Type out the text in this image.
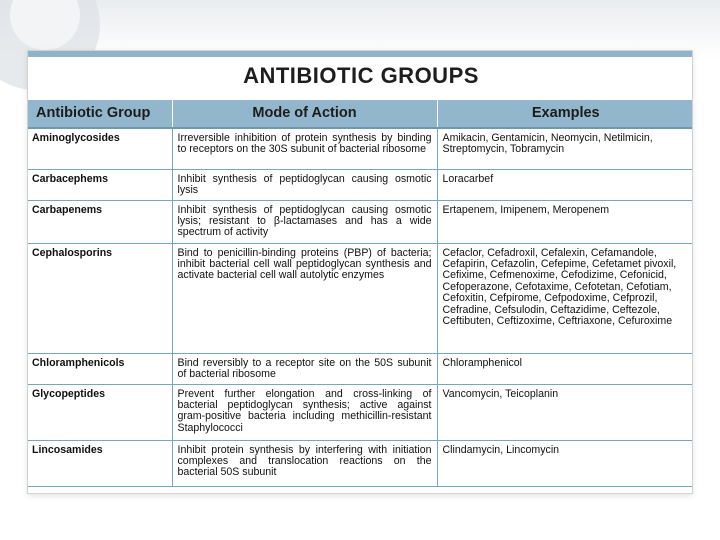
ANTIBIOTIC GROUPS
Antibiotic Group	Mode of Action	Examples
Aminoglycosides	Irreversible inhibition of protein synthesis by binding to receptors on the 30S subunit of bacterial ribosome	Amikacin, Gentamicin, Neomycin, Netilmicin, Streptomycin, Tobramycin
Carbacephems	Inhibit synthesis of peptidoglycan causing osmotic lysis	Loracarbef
Carbapenems	Inhibit synthesis of peptidoglycan causing osmotic lysis; resistant to β-lactamases and has a wide spectrum of activity	Ertapenem, Imipenem, Meropenem
Cephalosporins	Bind to penicillin-binding proteins (PBP) of bacteria; inhibit bacterial cell wall peptidoglycan synthesis and activate bacterial cell wall autolytic enzymes	Cefaclor, Cefadroxil, Cefalexin, Cefamandole, Cefapirin, Cefazolin, Cefepime, Cefetamet pivoxil, Cefixime, Cefmenoxime, Cefodizime, Cefonicid, Cefoperazone, Cefotaxime, Cefotetan, Cefotiam, Cefoxitin, Cefpirome, Cefpodoxime, Cefprozil, Cefradine, Cefsulodin, Ceftazidime, Ceftezole, Ceftibuten, Ceftizoxime, Ceftriaxone, Cefuroxime
Chloramphenicols	Bind reversibly to a receptor site on the 50S subunit of bacterial ribosome	Chloramphenicol
Glycopeptides	Prevent further elongation and cross-linking of bacterial peptidoglycan synthesis; active against gram-positive bacteria including methicillin-resistant Staphylococci	Vancomycin, Teicoplanin
Lincosamides	Inhibit protein synthesis by interfering with initiation complexes and translocation reactions on the bacterial 50S subunit	Clindamycin, Lincomycin
